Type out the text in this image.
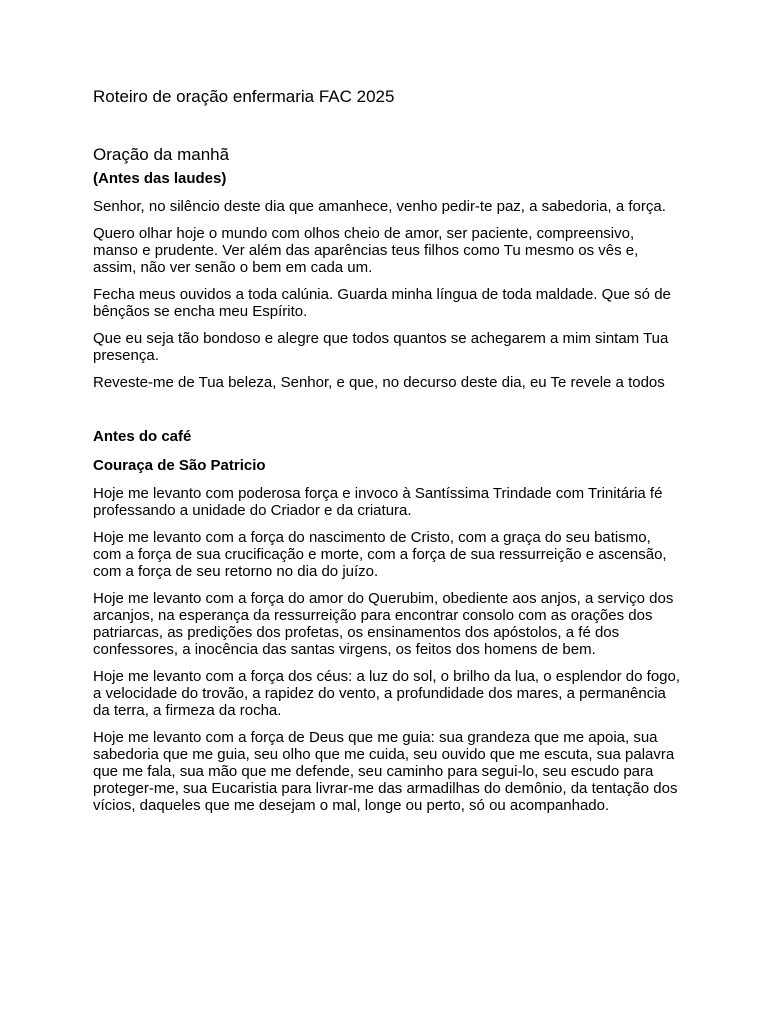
Roteiro de oração enfermaria FAC 2025
Oração da manhã

(Antes das laudes)

Senhor, no silêncio deste dia que amanhece, venho pedir-te paz, a sabedoria, a força.

Quero olhar hoje o mundo com olhos cheio de amor, ser paciente, compreensivo, manso e prudente. Ver além das aparências teus filhos como Tu mesmo os vês e, assim, não ver senão o bem em cada um.

Fecha meus ouvidos a toda calúnia. Guarda minha língua de toda maldade. Que só de bênçãos se encha meu Espírito.

Que eu seja tão bondoso e alegre que todos quantos se achegarem a mim sintam Tua presença.

Reveste-me de Tua beleza, Senhor, e que, no decurso deste dia, eu Te revele a todos

Antes do café

Couraça de São Patricio

Hoje me levanto com poderosa força e invoco à Santíssima Trindade com Trinitária fé professando a unidade do Criador e da criatura.

Hoje me levanto com a força do nascimento de Cristo, com a graça do seu batismo, com a força de sua crucificação e morte, com a força de sua ressurreição e ascensão, com a força de seu retorno no dia do juízo.

Hoje me levanto com a força do amor do Querubim, obediente aos anjos, a serviço dos arcanjos, na esperança da ressurreição para encontrar consolo com as orações dos patriarcas, as predições dos profetas, os ensinamentos dos apóstolos, a fé dos confessores, a inocência das santas virgens, os feitos dos homens de bem.

Hoje me levanto com a força dos céus: a luz do sol, o brilho da lua, o esplendor do fogo, a velocidade do trovão, a rapidez do vento, a profundidade dos mares, a permanência da terra, a firmeza da rocha.

Hoje me levanto com a força de Deus que me guia: sua grandeza que me apoia, sua sabedoria que me guia, seu olho que me cuida, seu ouvido que me escuta, sua palavra que me fala, sua mão que me defende, seu caminho para segui-lo, seu escudo para proteger-me, sua Eucaristia para livrar-me das armadilhas do demônio, da tentação dos vícios, daqueles que me desejam o mal, longe ou perto, só ou acompanhado.
